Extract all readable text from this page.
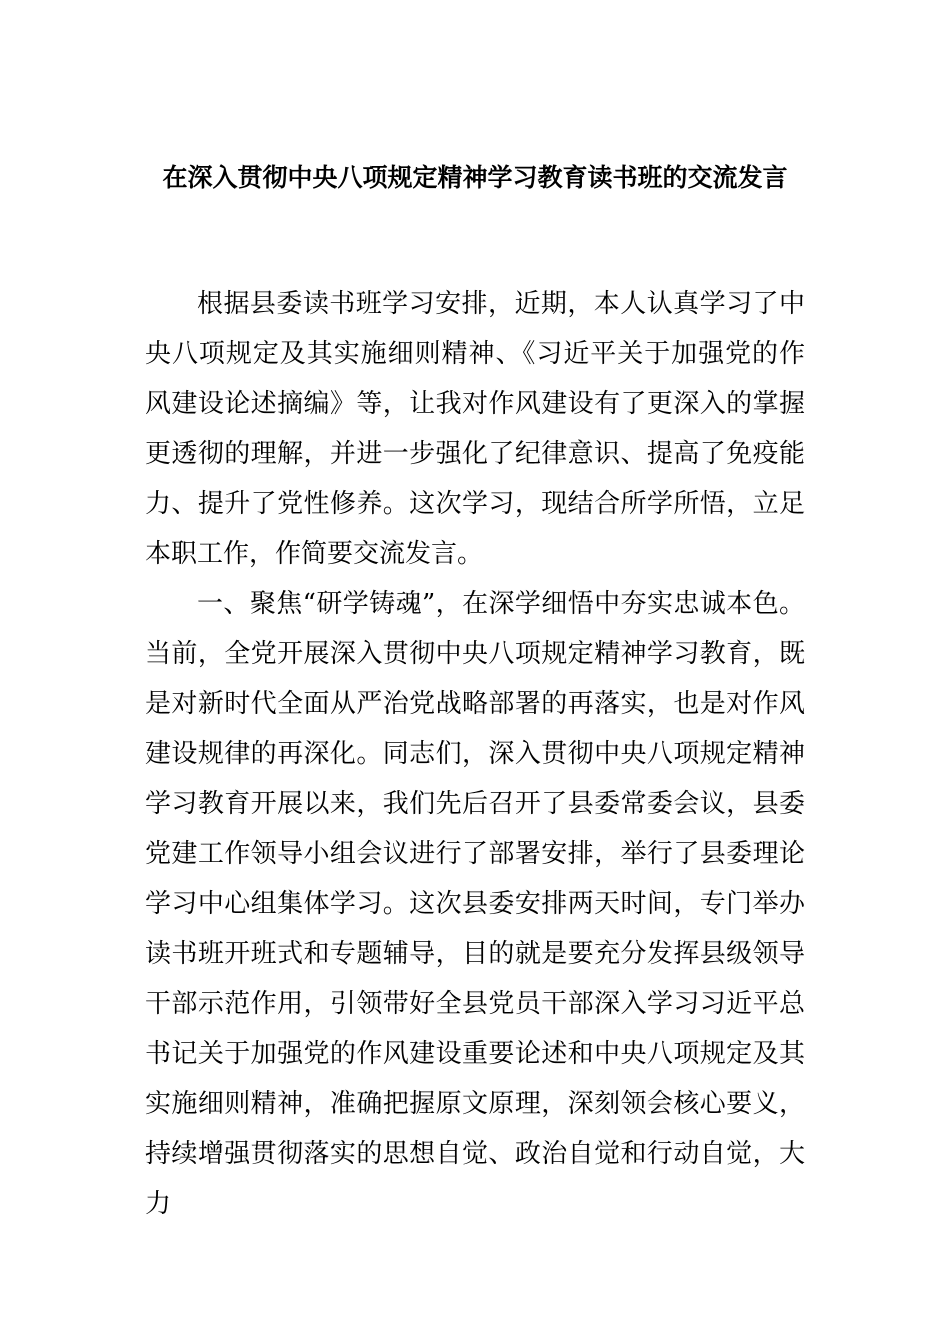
在深入贯彻中央八项规定精神学习教育读书班的交流发言

根据县委读书班学习安排，近期，本人认真学习了中央八项规定及其实施细则精神、《习近平关于加强党的作风建设论述摘编》等，让我对作风建设有了更深入的掌握更透彻的理解，并进一步强化了纪律意识、提高了免疫能力、提升了党性修养。这次学习，现结合所学所悟，立足本职工作，作简要交流发言。

一、聚焦“研学铸魂”，在深学细悟中夯实忠诚本色。当前，全党开展深入贯彻中央八项规定精神学习教育，既是对新时代全面从严治党战略部署的再落实，也是对作风建设规律的再深化。同志们，深入贯彻中央八项规定精神学习教育开展以来，我们先后召开了县委常委会议，县委党建工作领导小组会议进行了部署安排，举行了县委理论学习中心组集体学习。这次县委安排两天时间，专门举办读书班开班式和专题辅导，目的就是要充分发挥县级领导干部示范作用，引领带好全县党员干部深入学习习近平总书记关于加强党的作风建设重要论述和中央八项规定及其实施细则精神，准确把握原文原理，深刻领会核心要义，持续增强贯彻落实的思想自觉、政治自觉和行动自觉，大力
